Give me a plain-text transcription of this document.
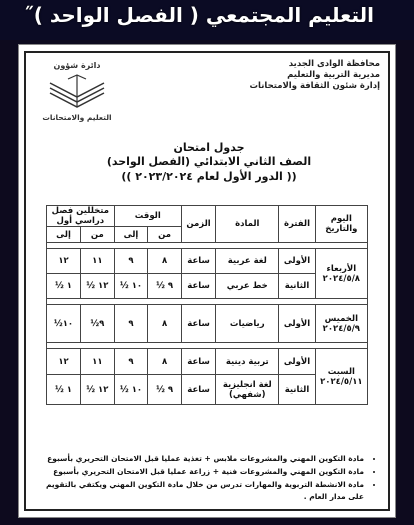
التعليم المجتمعي ( الفصل الواحد )˝
محافظة الوادى الجديد
مديرية التربية والتعليم
إدارة شئون الثقافة والامتحانات
دائرة شؤون
التعليم والامتحانات
جدول امتحان
الصف الثاني الابتدائي (الفصل الواحد)
(( الدور الأول لعام ٢٠٢٣/٢٠٢٤ ))
اليوم والتاريخ	الفترة	المادة	الزمن	الوقت		متخللين فصل دراسي أول	
				من	إلى	من	إلى

الأربعاء
٢٠٢٤/٥/٨	الأولى	لغة عربية	ساعة	٨	٩	١١	١٢
	الثانية	خط عربي	ساعة	٩ ½	١٠ ½	١٢ ½	١ ½

الخميس
٢٠٢٤/٥/٩	الأولى	رياضيات	ساعة	٨	٩	٩½	١٠½

السبت
٢٠٢٤/٥/١١	الأولى	تربية دينية	ساعة	٨	٩	١١	١٢
	الثانية	لغة انجليزية (شفهي)	ساعة	٩ ½	١٠ ½	١٢ ½	١ ½
• مادة التكوين المهني والمشروعات ملابس + تغذية عمليا قبل الامتحان التحريري بأسبوع
• مادة التكوين المهني والمشروعات فنية + زراعة عمليا قبل الامتحان التحريري بأسبوع
• مادة الانشطة التربوية والمهارات تدرس من خلال مادة التكوين المهني ويكتفي بالتقويم على مدار العام .
